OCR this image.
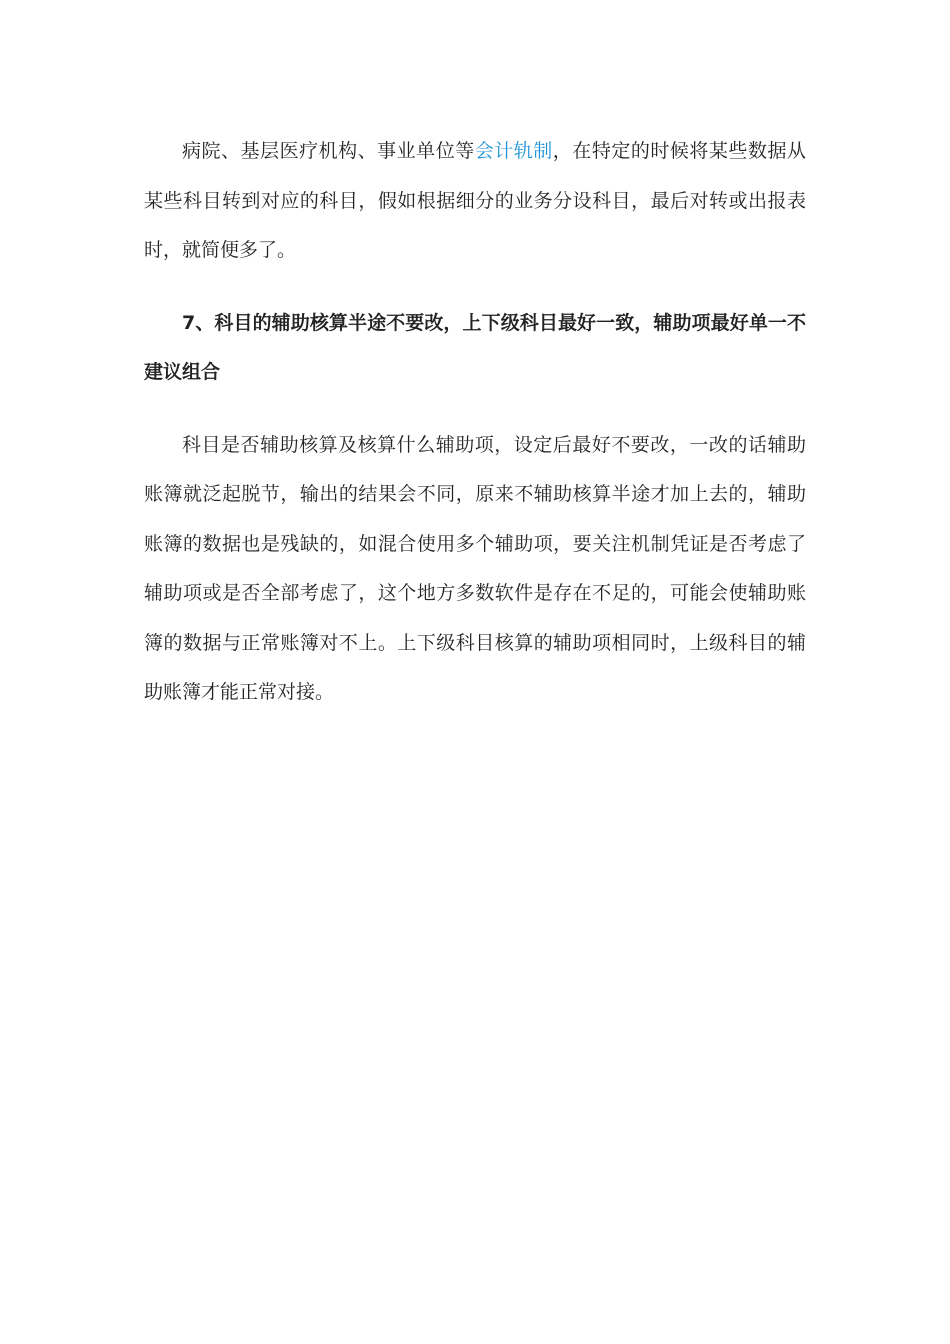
病院、基层医疗机构、事业单位等会计轨制，在特定的时候将某些数据从某些科目转到对应的科目，假如根据细分的业务分设科目，最后对转或出报表时，就简便多了。

7、科目的辅助核算半途不要改，上下级科目最好一致，辅助项最好单一不建议组合

科目是否辅助核算及核算什么辅助项，设定后最好不要改，一改的话辅助账簿就泛起脱节，输出的结果会不同，原来不辅助核算半途才加上去的，辅助账簿的数据也是残缺的，如混合使用多个辅助项，要关注机制凭证是否考虑了辅助项或是否全部考虑了，这个地方多数软件是存在不足的，可能会使辅助账簿的数据与正常账簿对不上。上下级科目核算的辅助项相同时，上级科目的辅助账簿才能正常对接。
